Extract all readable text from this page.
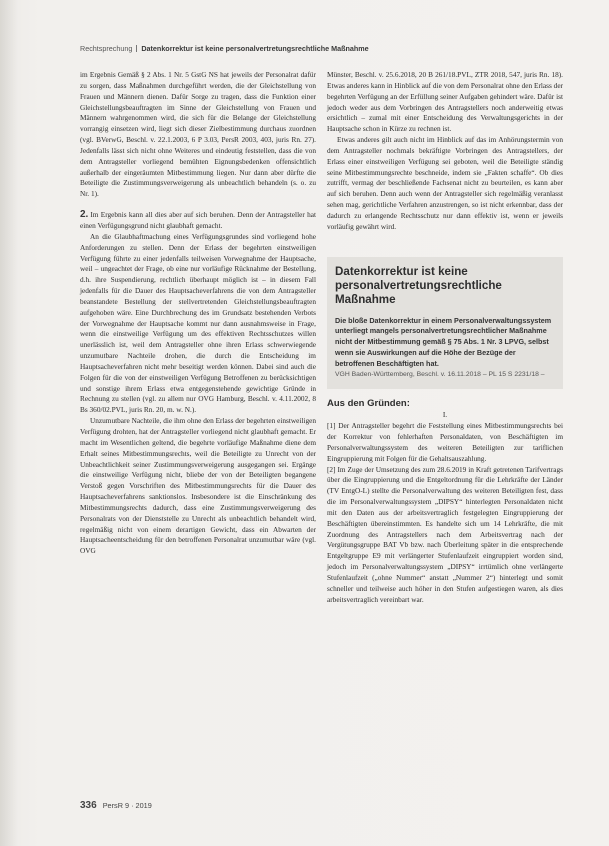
Rechtsprechung Datenkorrektur ist keine personalvertretungsrechtliche Maßnahme

im Ergebnis Gemäß § 2 Abs. 1 Nr. 5 GstG NS hat jeweils der Personalrat dafür zu sorgen, dass Maßnahmen durchgeführt werden, die der Gleichstellung von Frauen und Männern dienen. Dafür Sorge zu tragen, dass die Funktion einer Gleichstellungsbeauftragten im Sinne der Gleichstellung von Frauen und Männern wahrgenommen wird, die sich für die Belange der Gleichstellung vorrangig einsetzen wird, liegt sich dieser Zielbestimmung durchaus zuordnen (vgl. BVerwG, Beschl. v. 22.1.2003, 6 P 3.03, PersR 2003, 403, juris Rn. 27). Jedenfalls lässt sich nicht ohne Weiteres und eindeutig feststellen, dass die von dem Antragsteller vorliegend bemühten Eignungsbedenken offensichtlich außerhalb der eingeräumten Mitbestimmung liegen. Nur dann aber dürfte die Beteiligte die Zustimmungsverweigerung als unbeachtlich behandeln (s. o. zu Nr. 1).

2. Im Ergebnis kann all dies aber auf sich beruhen. Denn der Antragsteller hat einen Verfügungsgrund nicht glaubhaft gemacht.

An die Glaubhaftmachung eines Verfügungsgrundes sind vorliegend hohe Anforderungen zu stellen. Denn der Erlass der begehrten einstweiligen Verfügung führte zu einer jedenfalls teilweisen Vorwegnahme der Hauptsache, weil – ungeachtet der Frage, ob eine nur vorläufige Rücknahme der Bestellung, d.h. ihre Suspendierung, rechtlich überhaupt möglich ist – in diesem Fall jedenfalls für die Dauer des Hauptsacheverfahrens die von dem Antragsteller beanstandete Bestellung der stellvertretenden Gleichstellungsbeauftragten aufgehoben wäre. Eine Durchbrechung des im Grundsatz bestehenden Verbots der Vorwegnahme der Hauptsache kommt nur dann ausnahmsweise in Frage, wenn die einstweilige Verfügung um des effektiven Rechtsschutzes willen unerlässlich ist, weil dem Antragsteller ohne ihren Erlass schwerwiegende unzumutbare Nachteile drohen, die durch die Entscheidung im Hauptsacheverfahren nicht mehr beseitigt werden können. Dabei sind auch die Folgen für die von der einstweiligen Verfügung Betroffenen zu berücksichtigen und sonstige ihrem Erlass etwa entgegenstehende gewichtige Gründe in Rechnung zu stellen (vgl. zu allem nur OVG Hamburg, Beschl. v. 4.11.2002, 8 Bs 360/02.PVL, juris Rn. 20, m. w. N.).

Unzumutbare Nachteile, die ihm ohne den Erlass der begehrten einstweiligen Verfügung drohten, hat der Antragsteller vorliegend nicht glaubhaft gemacht. Er macht im Wesentlichen geltend, die begehrte vorläufige Maßnahme diene dem Erhalt seines Mitbestimmungsrechts, weil die Beteiligte zu Unrecht von der Unbeachtlichkeit seiner Zustimmungsverweigerung ausgegangen sei. Ergänge die einstweilige Verfügung nicht, bliebe der von der Beteiligten begangene Verstoß gegen Vorschriften des Mitbestimmungsrechts für die Dauer des Hauptsacheverfahrens sanktionslos. Insbesondere ist die Einschränkung des Mitbestimmungsrechts dadurch, dass eine Zustimmungsverweigerung des Personalrats von der Dienststelle zu Unrecht als unbeachtlich behandelt wird, regelmäßig nicht von einem derartigen Gewicht, dass ein Abwarten der Hauptsacheentscheidung für den betroffenen Personalrat unzumutbar wäre (vgl. OVG

Münster, Beschl. v. 25.6.2018, 20 B 261/18.PVL, ZTR 2018, 547, juris Rn. 18). Etwas anderes kann in Hinblick auf die von dem Personalrat ohne den Erlass der begehrten Verfügung an der Erfüllung seiner Aufgaben gehindert wäre. Dafür ist jedoch weder aus dem Vorbringen des Antragstellers noch anderweitig etwas ersichtlich – zumal mit einer Entscheidung des Verwaltungsgerichts in der Hauptsache schon in Kürze zu rechnen ist.

Etwas anderes gilt auch nicht im Hinblick auf das im Anhörungstermin von dem Antragsteller nochmals bekräftigte Vorbringen des Antragstellers, der Erlass einer einstweiligen Verfügung sei geboten, weil die Beteiligte ständig seine Mitbestimmungsrechte beschneide, indem sie „Fakten schaffe“. Ob dies zutrifft, vermag der beschließende Fachsenat nicht zu beurteilen, es kann aber auf sich beruhen. Denn auch wenn der Antragsteller sich regelmäßig veranlasst sehen mag, gerichtliche Verfahren anzustrengen, so ist nicht erkennbar, dass der dadurch zu erlangende Rechtsschutz nur dann effektiv ist, wenn er jeweils vorläufig gewährt wird.

Datenkorrektur ist keine personalvertretungsrechtliche Maßnahme

Die bloße Datenkorrektur in einem Personalverwaltungssystem unterliegt mangels personalvertretungsrechtlicher Maßnahme nicht der Mitbestimmung gemäß § 75 Abs. 1 Nr. 3 LPVG, selbst wenn sie Auswirkungen auf die Höhe der Bezüge der betroffenen Beschäftigten hat.

VGH Baden-Württemberg, Beschl. v. 16.11.2018 – PL 15 S 2231/18 –

Aus den Gründen:

I.

[1] Der Antragsteller begehrt die Feststellung eines Mitbestimmungsrechts bei der Korrektur von fehlerhaften Personaldaten, von Beschäftigten im Personalverwaltungssystem des weiteren Beteiligten zur tariflichen Eingruppierung mit Folgen für die Gehaltsauszahlung.

[2] Im Zuge der Umsetzung des zum 28.6.2019 in Kraft getretenen Tarifvertrags über die Eingruppierung und die Entgeltordnung für die Lehrkräfte der Länder (TV EntgO-L) stellte die Personalverwaltung des weiteren Beteiligten fest, dass die im Personalverwaltungssystem „DIPSY“ hinterlegten Personaldaten nicht mit den Daten aus der arbeitsvertraglich festgelegten Eingruppierung der Beschäftigten übereinstimmten. Es handelte sich um 14 Lehrkräfte, die mit Zuordnung des Antragstellers nach dem Arbeitsvertrag nach der Vergütungsgruppe BAT Vb bzw. nach Überleitung später in die entsprechende Entgeltgruppe E9 mit verlängerter Stufenlaufzeit eingruppiert worden sind, jedoch im Personalverwaltungssystem „DIPSY“ irrtümlich ohne verlängerte Stufenlaufzeit („ohne Nummer“ anstatt „Nummer 2“) hinterlegt und somit schneller und teilweise auch höher in den Stufen aufgestiegen waren, als dies arbeitsvertraglich vereinbart war.

336 PersR 9 · 2019
